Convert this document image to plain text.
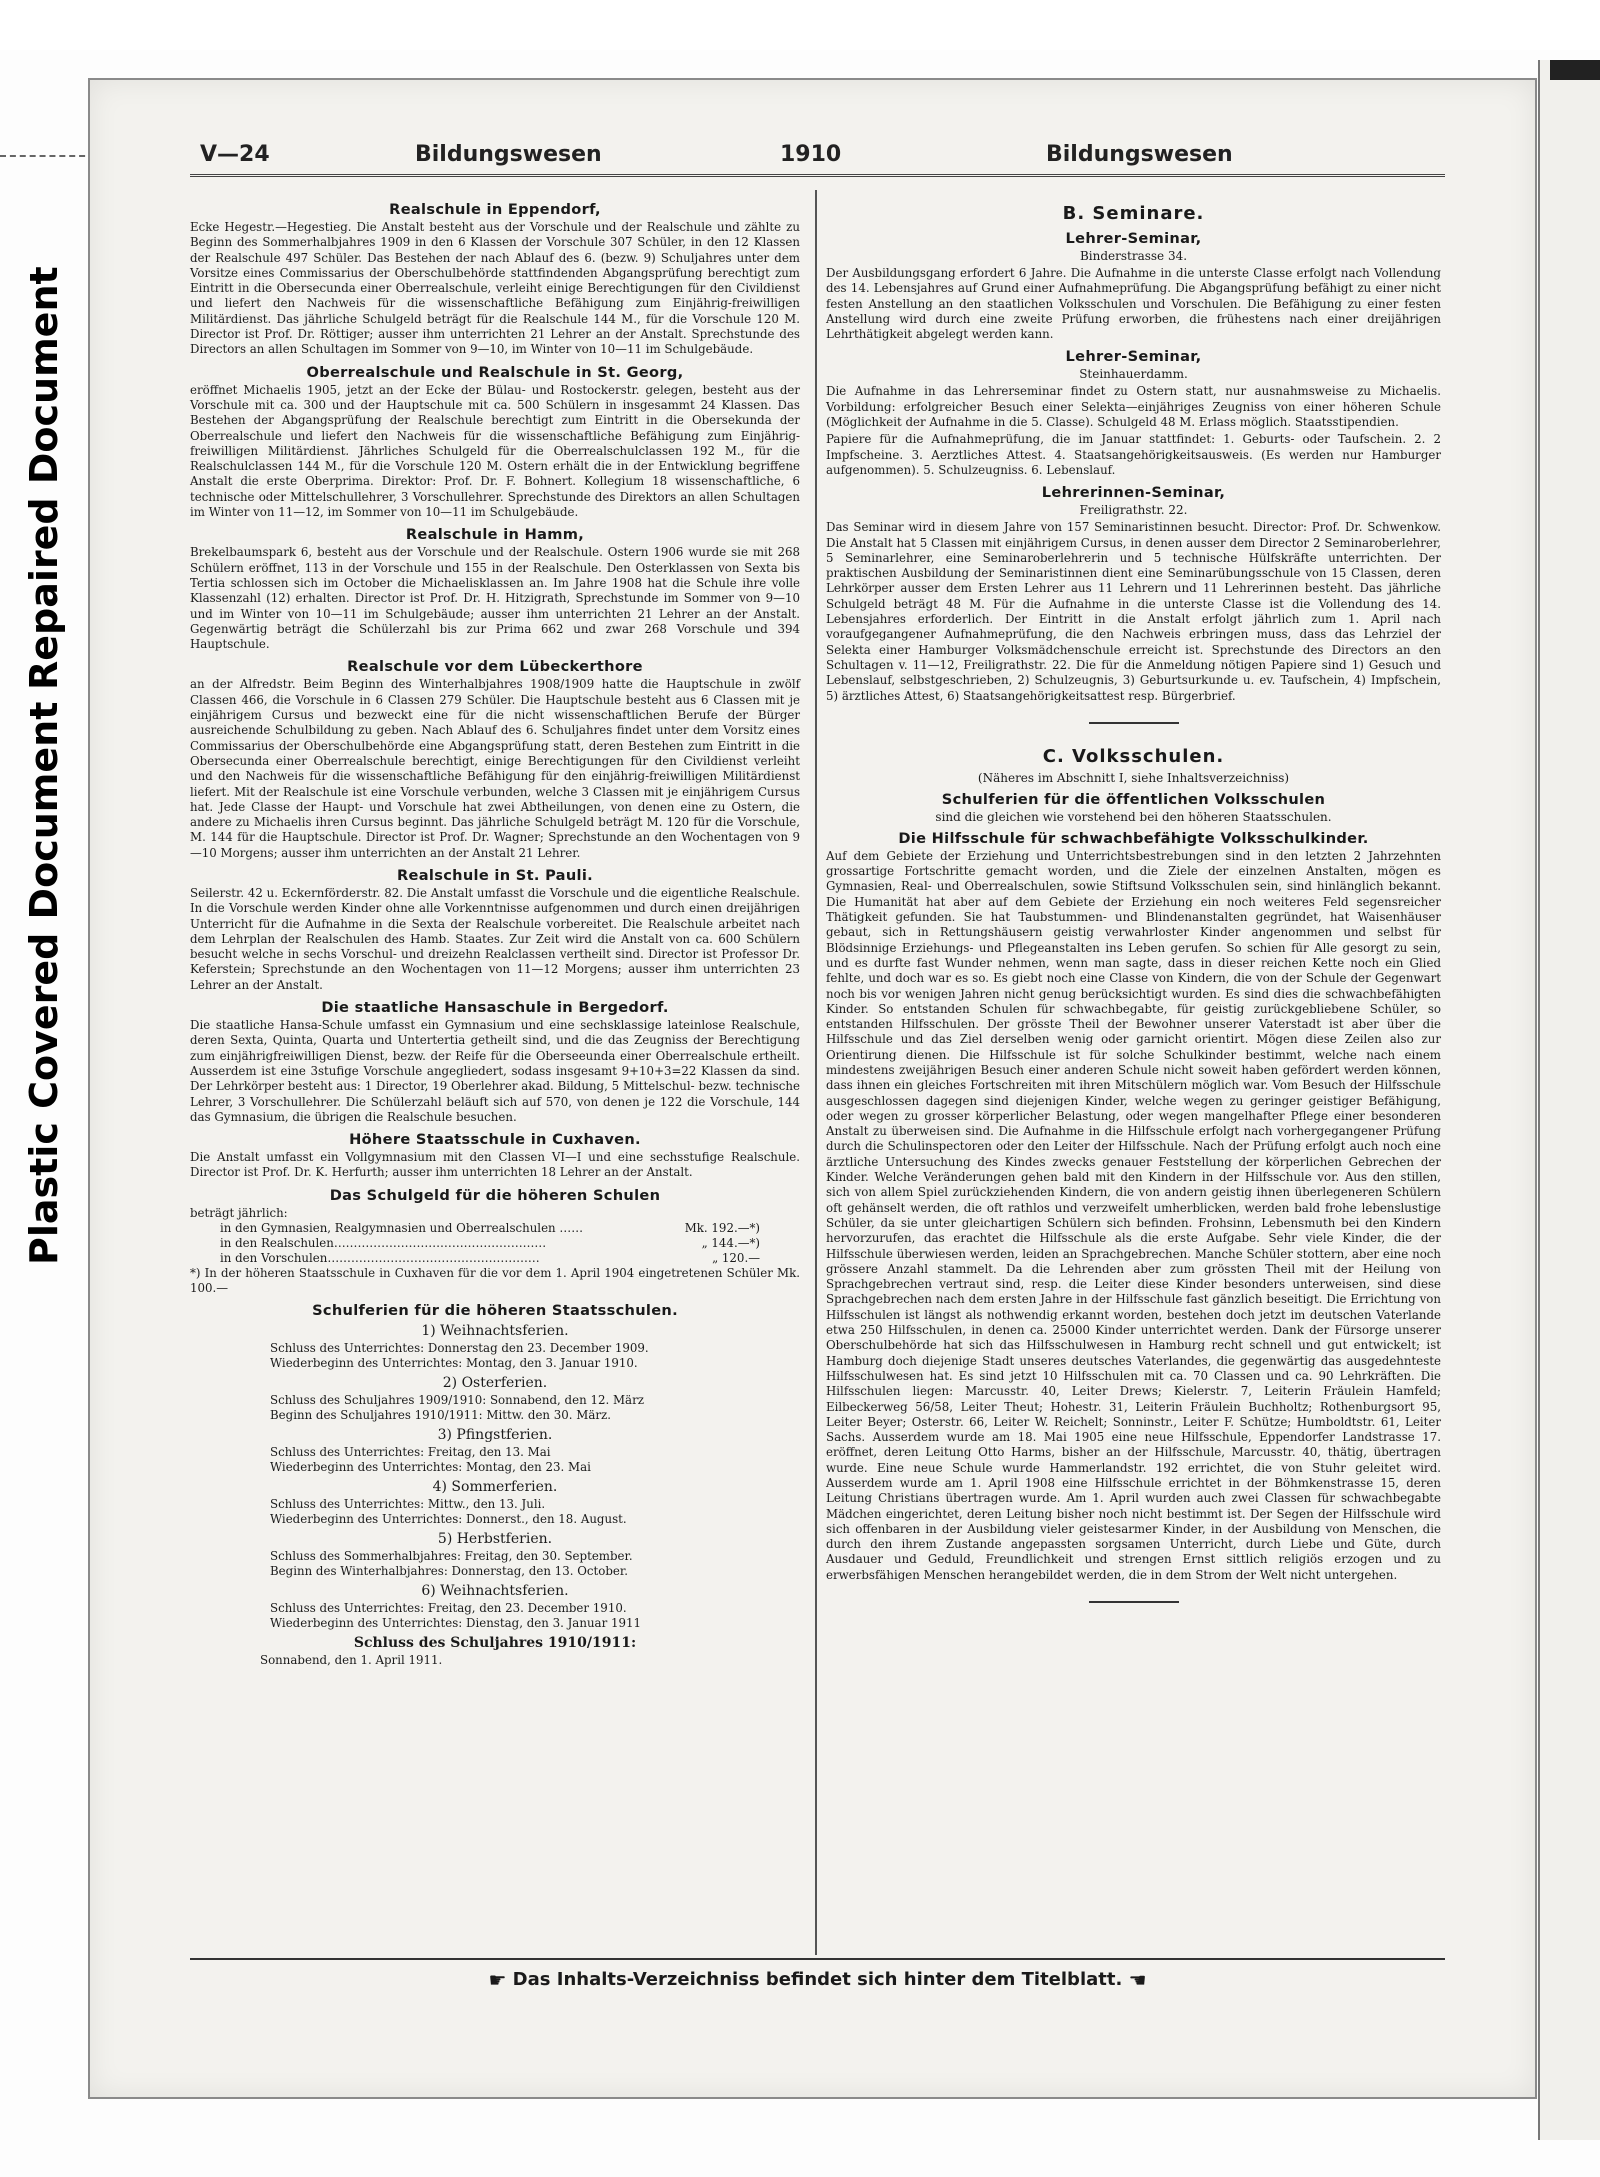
Repaired Document
Plastic Covered Document
V—24	Bildungswesen	1910	Bildungswesen
Realschule in Eppendorf,

Ecke Hegestr.—Hegestieg. Die Anstalt besteht aus der Vorschule und der Realschule und zählte zu Beginn des Sommerhalbjahres 1909 in den 6 Klassen der Vorschule 307 Schüler, in den 12 Klassen der Realschule 497 Schüler. Das Bestehen der nach Ablauf des 6. (bezw. 9) Schuljahres unter dem Vorsitze eines Commissarius der Oberschulbehörde stattfindenden Abgangsprüfung berechtigt zum Eintritt in die Obersecunda einer Oberrealschule, verleiht einige Berechtigungen für den Civildienst und liefert den Nachweis für die wissenschaftliche Befähigung zum Einjährig-freiwilligen Militärdienst. Das jährliche Schulgeld beträgt für die Realschule 144 M., für die Vorschule 120 M. Director ist Prof. Dr. Röttiger; ausser ihm unterrichten 21 Lehrer an der Anstalt. Sprechstunde des Directors an allen Schultagen im Sommer von 9—10, im Winter von 10—11 im Schulgebäude.

Oberrealschule und Realschule in St. Georg,

eröffnet Michaelis 1905, jetzt an der Ecke der Bülau- und Rostockerstr. gelegen, besteht aus der Vorschule mit ca. 300 und der Hauptschule mit ca. 500 Schülern in insgesammt 24 Klassen. Das Bestehen der Abgangsprüfung der Realschule berechtigt zum Eintritt in die Obersekunda der Oberrealschule und liefert den Nachweis für die wissenschaftliche Befähigung zum Einjährig-freiwilligen Militärdienst. Jährliches Schulgeld für die Oberrealschulclassen 192 M., für die Realschulclassen 144 M., für die Vorschule 120 M. Ostern erhält die in der Entwicklung begriffene Anstalt die erste Oberprima. Direktor: Prof. Dr. F. Bohnert. Kollegium 18 wissenschaftliche, 6 technische oder Mittelschullehrer, 3 Vorschullehrer. Sprechstunde des Direktors an allen Schultagen im Winter von 11—12, im Sommer von 10—11 im Schulgebäude.

Realschule in Hamm,

Brekelbaumspark 6, besteht aus der Vorschule und der Realschule. Ostern 1906 wurde sie mit 268 Schülern eröffnet, 113 in der Vorschule und 155 in der Realschule. Den Osterklassen von Sexta bis Tertia schlossen sich im October die Michaelisklassen an. Im Jahre 1908 hat die Schule ihre volle Klassenzahl (12) erhalten. Director ist Prof. Dr. H. Hitzigrath, Sprechstunde im Sommer von 9—10 und im Winter von 10—11 im Schulgebäude; ausser ihm unterrichten 21 Lehrer an der Anstalt. Gegenwärtig beträgt die Schülerzahl bis zur Prima 662 und zwar 268 Vorschule und 394 Hauptschule.

Realschule vor dem Lübeckerthore

an der Alfredstr. Beim Beginn des Winterhalbjahres 1908/1909 hatte die Hauptschule in zwölf Classen 466, die Vorschule in 6 Classen 279 Schüler. Die Hauptschule besteht aus 6 Classen mit je einjährigem Cursus und bezweckt eine für die nicht wissenschaftlichen Berufe der Bürger ausreichende Schulbildung zu geben. Nach Ablauf des 6. Schuljahres findet unter dem Vorsitz eines Commissarius der Oberschulbehörde eine Abgangsprüfung statt, deren Bestehen zum Eintritt in die Obersecunda einer Oberrealschule berechtigt, einige Berechtigungen für den Civildienst verleiht und den Nachweis für die wissenschaftliche Befähigung für den einjährig-freiwilligen Militärdienst liefert. Mit der Realschule ist eine Vorschule verbunden, welche 3 Classen mit je einjährigem Cursus hat. Jede Classe der Haupt- und Vorschule hat zwei Abtheilungen, von denen eine zu Ostern, die andere zu Michaelis ihren Cursus beginnt. Das jährliche Schulgeld beträgt M. 120 für die Vorschule, M. 144 für die Hauptschule. Director ist Prof. Dr. Wagner; Sprechstunde an den Wochentagen von 9—10 Morgens; ausser ihm unterrichten an der Anstalt 21 Lehrer.

Realschule in St. Pauli.

Seilerstr. 42 u. Eckernförderstr. 82. Die Anstalt umfasst die Vorschule und die eigentliche Realschule. In die Vorschule werden Kinder ohne alle Vorkenntnisse aufgenommen und durch einen dreijährigen Unterricht für die Aufnahme in die Sexta der Realschule vorbereitet. Die Realschule arbeitet nach dem Lehrplan der Realschulen des Hamb. Staates. Zur Zeit wird die Anstalt von ca. 600 Schülern besucht welche in sechs Vorschul- und dreizehn Realclassen vertheilt sind. Director ist Professor Dr. Keferstein; Sprechstunde an den Wochentagen von 11—12 Morgens; ausser ihm unterrichten 23 Lehrer an der Anstalt.

Die staatliche Hansaschule in Bergedorf.

Die staatliche Hansa-Schule umfasst ein Gymnasium und eine sechsklassige lateinlose Realschule, deren Sexta, Quinta, Quarta und Untertertia getheilt sind, und die das Zeugniss der Berechtigung zum einjährigfreiwilligen Dienst, bezw. der Reife für die Oberseeunda einer Oberrealschule ertheilt. Ausserdem ist eine 3stufige Vorschule angegliedert, sodass insgesamt 9+10+3=22 Klassen da sind. Der Lehrkörper besteht aus: 1 Director, 19 Oberlehrer akad. Bildung, 5 Mittelschul- bezw. technische Lehrer, 3 Vorschullehrer. Die Schülerzahl beläuft sich auf 570, von denen je 122 die Vorschule, 144 das Gymnasium, die übrigen die Realschule besuchen.

Höhere Staatsschule in Cuxhaven.

Die Anstalt umfasst ein Vollgymnasium mit den Classen VI—I und eine sechsstufige Realschule. Director ist Prof. Dr. K. Herfurth; ausser ihm unterrichten 18 Lehrer an der Anstalt.

Das Schulgeld für die höheren Schulen

beträgt jährlich:

in den Gymnasien, Realgymnasien und Oberrealschulen ……	Mk. 192.—*)
in den Realschulen………………………………………………	„ 144.—*)
in den Vorschulen………………………………………………	„ 120.—

*) In der höheren Staatsschule in Cuxhaven für die vor dem 1. April 1904 eingetretenen Schüler Mk. 100.—

Schulferien für die höheren Staatsschulen.
1) Weihnachtsferien.

Schluss des Unterrichtes: Donnerstag den 23. December 1909.

Wiederbeginn des Unterrichtes: Montag, den 3. Januar 1910.

2) Osterferien.

Schluss des Schuljahres 1909/1910: Sonnabend, den 12. März

Beginn des Schuljahres 1910/1911: Mittw. den 30. März.

3) Pfingstferien.

Schluss des Unterrichtes: Freitag, den 13. Mai

Wiederbeginn des Unterrichtes: Montag, den 23. Mai

4) Sommerferien.

Schluss des Unterrichtes: Mittw., den 13. Juli.

Wiederbeginn des Unterrichtes: Donnerst., den 18. August.

5) Herbstferien.

Schluss des Sommerhalbjahres: Freitag, den 30. September.

Beginn des Winterhalbjahres: Donnerstag, den 13. October.

6) Weihnachtsferien.

Schluss des Unterrichtes: Freitag, den 23. December 1910.

Wiederbeginn des Unterrichtes: Dienstag, den 3. Januar 1911

Schluss des Schuljahres 1910/1911:

Sonnabend, den 1. April 1911.

B. Seminare.
Lehrer-Seminar,
Binderstrasse 34.

Der Ausbildungsgang erfordert 6 Jahre. Die Aufnahme in die unterste Classe erfolgt nach Vollendung des 14. Lebensjahres auf Grund einer Aufnahmeprüfung. Die Abgangsprüfung befähigt zu einer nicht festen Anstellung an den staatlichen Volksschulen und Vorschulen. Die Befähigung zu einer festen Anstellung wird durch eine zweite Prüfung erworben, die frühestens nach einer dreijährigen Lehrthätigkeit abgelegt werden kann.

Lehrer-Seminar,
Steinhauerdamm.

Die Aufnahme in das Lehrerseminar findet zu Ostern statt, nur ausnahmsweise zu Michaelis. Vorbildung: erfolgreicher Besuch einer Selekta—einjähriges Zeugniss von einer höheren Schule (Möglichkeit der Aufnahme in die 5. Classe). Schulgeld 48 M. Erlass möglich. Staatsstipendien.

Papiere für die Aufnahmeprüfung, die im Januar stattfindet: 1. Geburts- oder Taufschein. 2. 2 Impfscheine. 3. Aerztliches Attest. 4. Staatsangehörigkeitsausweis. (Es werden nur Hamburger aufgenommen). 5. Schulzeugniss. 6. Lebenslauf.

Lehrerinnen-Seminar,
Freiligrathstr. 22.

Das Seminar wird in diesem Jahre von 157 Seminaristinnen besucht. Director: Prof. Dr. Schwenkow. Die Anstalt hat 5 Classen mit einjährigem Cursus, in denen ausser dem Director 2 Seminaroberlehrer, 5 Seminarlehrer, eine Seminaroberlehrerin und 5 technische Hülfskräfte unterrichten. Der praktischen Ausbildung der Seminaristinnen dient eine Seminarübungsschule von 15 Classen, deren Lehrkörper ausser dem Ersten Lehrer aus 11 Lehrern und 11 Lehrerinnen besteht. Das jährliche Schulgeld beträgt 48 M. Für die Aufnahme in die unterste Classe ist die Vollendung des 14. Lebensjahres erforderlich. Der Eintritt in die Anstalt erfolgt jährlich zum 1. April nach voraufgegangener Aufnahmeprüfung, die den Nachweis erbringen muss, dass das Lehrziel der Selekta einer Hamburger Volksmädchenschule erreicht ist. Sprechstunde des Directors an den Schultagen v. 11—12, Freiligrathstr. 22. Die für die Anmeldung nötigen Papiere sind 1) Gesuch und Lebenslauf, selbstgeschrieben, 2) Schulzeugnis, 3) Geburtsurkunde u. ev. Taufschein, 4) Impfschein, 5) ärztliches Attest, 6) Staatsangehörigkeitsattest resp. Bürgerbrief.

C. Volksschulen.
(Näheres im Abschnitt I, siehe Inhaltsverzeichniss)
Schulferien für die öffentlichen Volksschulen
sind die gleichen wie vorstehend bei den höheren Staatsschulen.
Die Hilfsschule für schwachbefähigte Volksschulkinder.

Auf dem Gebiete der Erziehung und Unterrichtsbestrebungen sind in den letzten 2 Jahrzehnten grossartige Fortschritte gemacht worden, und die Ziele der einzelnen Anstalten, mögen es Gymnasien, Real- und Oberrealschulen, sowie Stiftsund Volksschulen sein, sind hinlänglich bekannt. Die Humanität hat aber auf dem Gebiete der Erziehung ein noch weiteres Feld segensreicher Thätigkeit gefunden. Sie hat Taubstummen- und Blindenanstalten gegründet, hat Waisenhäuser gebaut, sich in Rettungshäusern geistig verwahrloster Kinder angenommen und selbst für Blödsinnige Erziehungs- und Pflegeanstalten ins Leben gerufen. So schien für Alle gesorgt zu sein, und es durfte fast Wunder nehmen, wenn man sagte, dass in dieser reichen Kette noch ein Glied fehlte, und doch war es so. Es giebt noch eine Classe von Kindern, die von der Schule der Gegenwart noch bis vor wenigen Jahren nicht genug berücksichtigt wurden. Es sind dies die schwachbefähigten Kinder. So entstanden Schulen für schwachbegabte, für geistig zurückgebliebene Schüler, so entstanden Hilfsschulen. Der grösste Theil der Bewohner unserer Vaterstadt ist aber über die Hilfsschule und das Ziel derselben wenig oder garnicht orientirt. Mögen diese Zeilen also zur Orientirung dienen. Die Hilfsschule ist für solche Schulkinder bestimmt, welche nach einem mindestens zweijährigen Besuch einer anderen Schule nicht soweit haben gefördert werden können, dass ihnen ein gleiches Fortschreiten mit ihren Mitschülern möglich war. Vom Besuch der Hilfsschule ausgeschlossen dagegen sind diejenigen Kinder, welche wegen zu geringer geistiger Befähigung, oder wegen zu grosser körperlicher Belastung, oder wegen mangelhafter Pflege einer besonderen Anstalt zu überweisen sind. Die Aufnahme in die Hilfsschule erfolgt nach vorhergegangener Prüfung durch die Schulinspectoren oder den Leiter der Hilfsschule. Nach der Prüfung erfolgt auch noch eine ärztliche Untersuchung des Kindes zwecks genauer Feststellung der körperlichen Gebrechen der Kinder. Welche Veränderungen gehen bald mit den Kindern in der Hilfsschule vor. Aus den stillen, sich von allem Spiel zurückziehenden Kindern, die von andern geistig ihnen überlegeneren Schülern oft gehänselt werden, die oft rathlos und verzweifelt umherblicken, werden bald frohe lebenslustige Schüler, da sie unter gleichartigen Schülern sich befinden. Frohsinn, Lebensmuth bei den Kindern hervorzurufen, das erachtet die Hilfsschule als die erste Aufgabe. Sehr viele Kinder, die der Hilfsschule überwiesen werden, leiden an Sprachgebrechen. Manche Schüler stottern, aber eine noch grössere Anzahl stammelt. Da die Lehrenden aber zum grössten Theil mit der Heilung von Sprachgebrechen vertraut sind, resp. die Leiter diese Kinder besonders unterweisen, sind diese Sprachgebrechen nach dem ersten Jahre in der Hilfsschule fast gänzlich beseitigt. Die Errichtung von Hilfsschulen ist längst als nothwendig erkannt worden, bestehen doch jetzt im deutschen Vaterlande etwa 250 Hilfsschulen, in denen ca. 25000 Kinder unterrichtet werden. Dank der Fürsorge unserer Oberschulbehörde hat sich das Hilfsschulwesen in Hamburg recht schnell und gut entwickelt; ist Hamburg doch diejenige Stadt unseres deutsches Vaterlandes, die gegenwärtig das ausgedehnteste Hilfsschulwesen hat. Es sind jetzt 10 Hilfsschulen mit ca. 70 Classen und ca. 90 Lehrkräften. Die Hilfsschulen liegen: Marcusstr. 40, Leiter Drews; Kielerstr. 7, Leiterin Fräulein Hamfeld; Eilbeckerweg 56/58, Leiter Theut; Hohestr. 31, Leiterin Fräulein Buchholtz; Rothenburgsort 95, Leiter Beyer; Osterstr. 66, Leiter W. Reichelt; Sonninstr., Leiter F. Schütze; Humboldtstr. 61, Leiter Sachs. Ausserdem wurde am 18. Mai 1905 eine neue Hilfsschule, Eppendorfer Landstrasse 17. eröffnet, deren Leitung Otto Harms, bisher an der Hilfsschule, Marcusstr. 40, thätig, übertragen wurde. Eine neue Schule wurde Hammerlandstr. 192 errichtet, die von Stuhr geleitet wird. Ausserdem wurde am 1. April 1908 eine Hilfsschule errichtet in der Böhmkenstrasse 15, deren Leitung Christians übertragen wurde. Am 1. April wurden auch zwei Classen für schwachbegabte Mädchen eingerichtet, deren Leitung bisher noch nicht bestimmt ist. Der Segen der Hilfsschule wird sich offenbaren in der Ausbildung vieler geistesarmer Kinder, in der Ausbildung von Menschen, die durch den ihrem Zustande angepassten sorgsamen Unterricht, durch Liebe und Güte, durch Ausdauer und Geduld, Freundlichkeit und strengen Ernst sittlich religiös erzogen und zu erwerbsfähigen Menschen herangebildet werden, die in dem Strom der Welt nicht untergehen.

☛ Das Inhalts-Verzeichniss befindet sich hinter dem Titelblatt. ☚
